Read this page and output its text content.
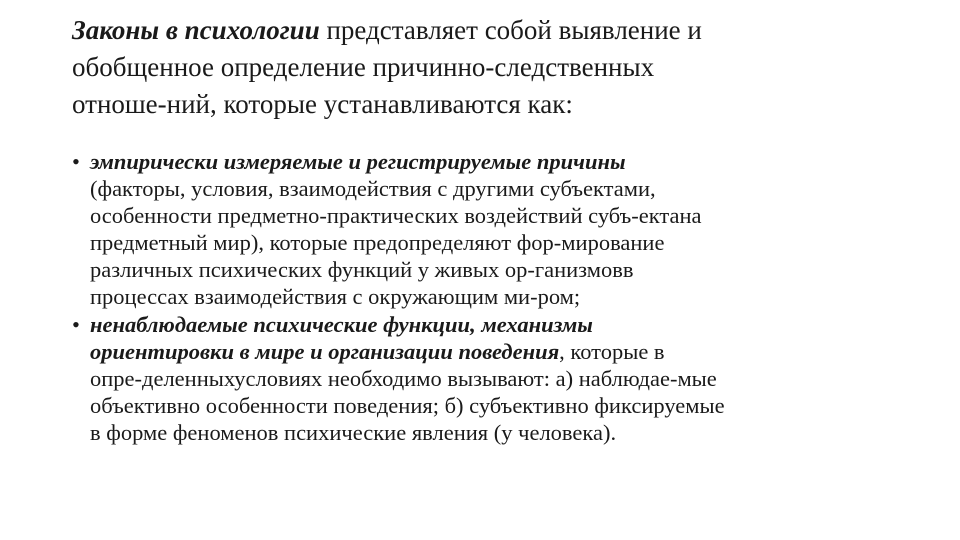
Законы в психологии представляет собой выявление и
обобщенное определение причинно-следственных
отноше-ний, которые устанавливаются как:

• эмпирически измеряемые и регистрируемые причины
(факторы, условия, взаимодействия с другими субъектами,
особенности предметно-практических воздействий субъ-ектана
предметный мир), которые предопределяют фор-мирование
различных психических функций у живых ор-ганизмовв
процессах взаимодействия с окружающим ми-ром;
• ненаблюдаемые психические функции, механизмы
ориентировки в мире и организации поведения, которые в
опре-деленныхусловиях необходимо вызывают: а) наблюдае-мые
объективно особенности поведения; б) субъективно фиксируемые
в форме феноменов психические явления (у человека).
